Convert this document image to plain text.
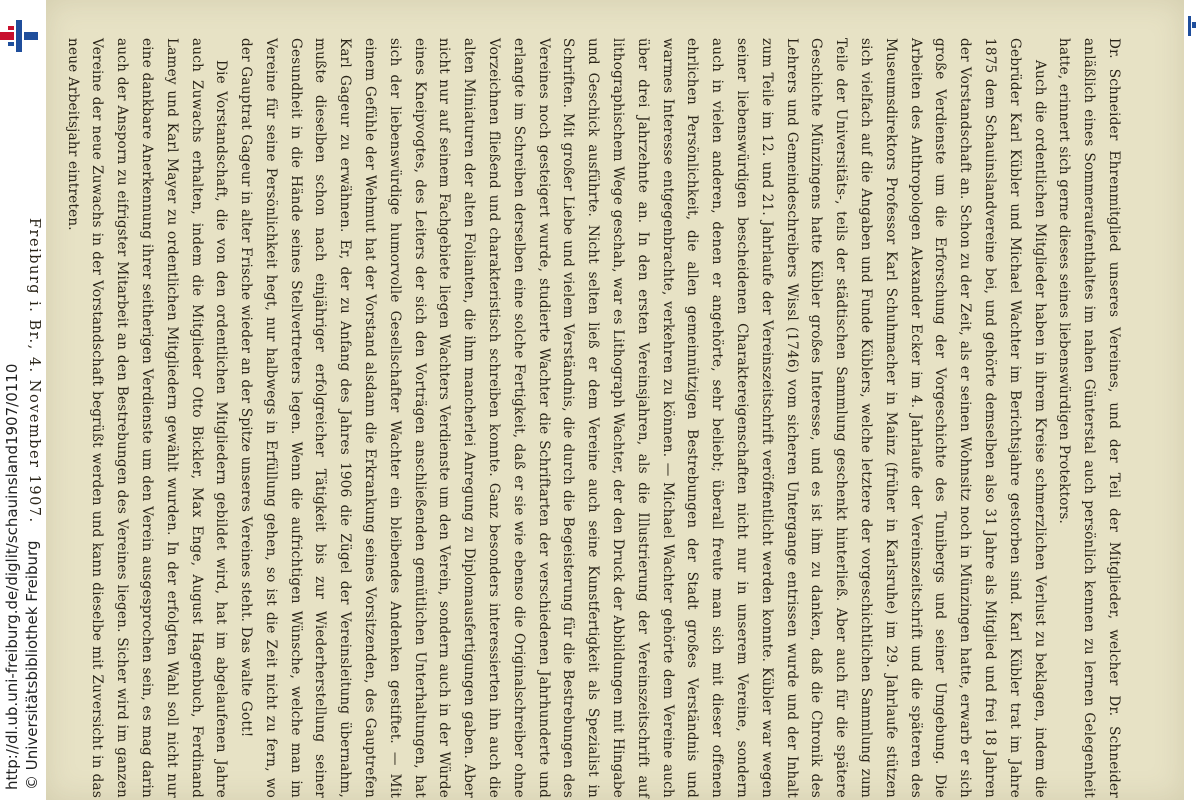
http://dl.ub.uni-freiburg.de/diglit/schauinsland1907/0110 © Universitätsbibliothek Freiburg	Dr. Schneider Ehrenmitglied unseres Vereines, und der Teil der Mitglieder, welcher Dr. Schneider anläßlich eines Sommeraufenthaltes im nahen Günterstal auch persönlich kennen zu lernen Gelegenheit hatte, erinnert sich gerne dieses seines liebenswürdigen Protektors.

Auch die ordentlichen Mitglieder haben in ihrem Kreise schmerzlichen Verlust zu beklagen, indem die Gebrüder Karl Kübler und Michael Wachter im Berichtsjahre gestorben sind. Karl Kübler trat im Jahre 1875 dem Schauinslandvereine bei, und gehörte demselben also 31 Jahre als Mitglied und frei 18 Jahren der Vorstandschaft an. Schon zu der Zeit, als er seinen Wohnsitz noch in Münzingen hatte, erwarb er sich große Verdienste um die Erforschung der Vorgeschichte des Tunibergs und seiner Umgebung. Die Arbeiten des Anthropologen Alexander Ecker im 4. Jahrlaufe der Vereinszeitschrift und die späteren des Museumsdirektors Professor Karl Schuhmacher in Mainz (früher in Karlsruhe) im 29. Jahrlaufe stützen sich vielfach auf die Angaben und Funde Küblers, welche letztere der vorgeschichtlichen Sammlung zum Teile der Universitäts-, teils der städtischen Sammlung geschenkt hinterließ. Aber auch für die spätere Geschichte Münzingens hatte Kübler großes Interesse, und es ist ihm zu danken, daß die Chronik des Lehrers und Gemeindeschreibers Wissl (1746) vom sicheren Untergange entrissen wurde und der Inhalt zum Teile im 12. und 21. Jahrlaufe der Vereinszeitschrift veröffentlicht werden konnte. Kübler war wegen seiner liebenswürdigen bescheidenen Charaktereigenschaften nicht nur in unserem Vereine, sondern auch in vielen anderen, denen er angehörte, sehr beliebt; überall freute man sich mit dieser offenen ehrlichen Persönlichkeit, die allen gemeinnützigen Bestrebungen der Stadt großes Verständnis und warmes Interesse entgegenbrachte, verkehren zu können. — Michael Wachter gehörte dem Vereine auch über drei Jahrzehnte an. In den ersten Vereinsjahren, als die Illustrierung der Vereinszeitschrift auf lithographischem Wege geschah, war es Lithograph Wachter, der den Druck der Abbildungen mit Hingabe und Geschick ausführte. Nicht selten ließ er dem Vereine auch seine Kunstfertigkeit als Spezialist in Schriften. Mit großer Liebe und vielem Verständnis, die durch die Begeisterung für die Bestrebungen des Vereines noch gesteigert wurde, studierte Wachter die Schriftarten der verschiedenen Jahrhunderte und erlangte im Schreiben derselben eine solche Fertigkeit, daß er sie wie ebenso die Originalschreiber ohne Vorzeichnen fließend und charakteristisch schreiben konnte. Ganz besonders interessierten ihn auch die alten Miniaturen der alten Folianten, die ihm mancherlei Anregung zu Diplomausfertigungen gaben. Aber nicht nur auf seinem Fachgebiete liegen Wachters Verdienste um den Verein, sondern auch in der Würde eines Kneipvogtes, des Leiters der sich den Vorträgen anschließenden gemütlichen Unterhaltungen, hat sich der liebenswürdige humorvolle Gesellschafter Wachter ein bleibendes Andenken gestiftet. — Mit einem Gefühle der Wehmut hat der Vorstand alsdann die Erkrankung seines Vorsitzenden, des Gauptrefen Karl Gageur zu erwähnen. Er, der zu Anfang des Jahres 1906 die Zügel der Vereinsleitung übernahm, mußte dieselben schon nach einjähriger erfolgreicher Tätigkeit bis zur Wiederherstellung seiner Gesundheit in die Hände seines Stellvertreters legen. Wenn die aufrichtigen Wünsche, welche man im Vereine für seine Persönlichkeit hegt, nur halbwegs in Erfüllung gehen, so ist die Zeit nicht zu fern, wo der Gauptrat Gageur in alter Frische wieder an der Spitze unseres Vereines steht. Das walte Gott!

Die Vorstandschaft, die von den ordentlichen Mitgliedern gebildet wird, hat im abgelaufenen Jahre auch Zuwachs erhalten, indem die Mitglieder Otto Bickler, Max Enge, August Hagenbuch, Ferdinand Lamey und Karl Mayer zu ordentlichen Mitgliedern gewählt wurden. In der erfolgten Wahl soll nicht nur eine dankbare Anerkennung ihrer seitherigen Verdienste um den Verein ausgesprochen sein, es mag darin auch der Ansporn zu eifrigster Mitarbeit an den Bestrebungen des Vereines liegen. Sicher wird im ganzen Vereine der neue Zuwachs in der Vorstandschaft begrüßt werden und kann dieselbe mit Zuversicht in das neue Arbeitsjahr eintreten.

Freiburg i. Br., 4. November 1907.
